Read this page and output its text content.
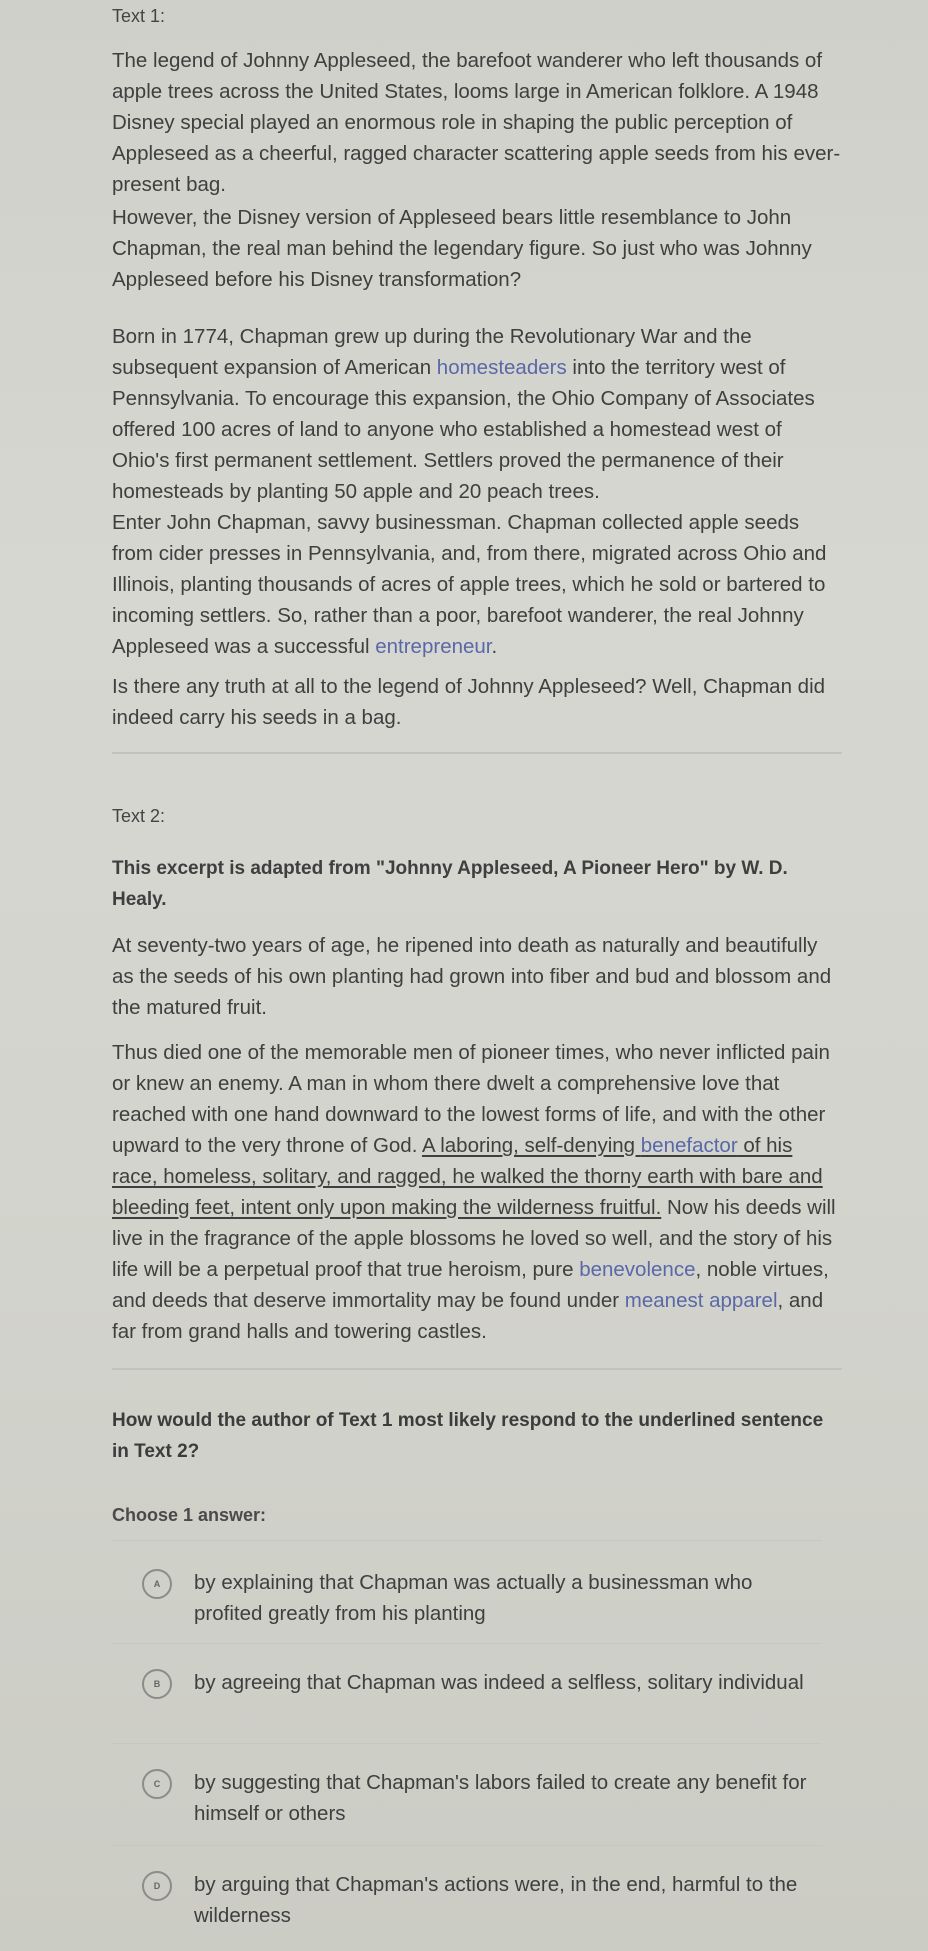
Text 1:

The legend of Johnny Appleseed, the barefoot wanderer who left thousands of apple trees across the United States, looms large in American folklore. A 1948 Disney special played an enormous role in shaping the public perception of Appleseed as a cheerful, ragged character scattering apple seeds from his ever-present bag.

However, the Disney version of Appleseed bears little resemblance to John Chapman, the real man behind the legendary figure. So just who was Johnny Appleseed before his Disney transformation?

Born in 1774, Chapman grew up during the Revolutionary War and the subsequent expansion of American homesteaders into the territory west of Pennsylvania. To encourage this expansion, the Ohio Company of Associates offered 100 acres of land to anyone who established a homestead west of Ohio's first permanent settlement. Settlers proved the permanence of their homesteads by planting 50 apple and 20 peach trees.

Enter John Chapman, savvy businessman. Chapman collected apple seeds from cider presses in Pennsylvania, and, from there, migrated across Ohio and Illinois, planting thousands of acres of apple trees, which he sold or bartered to incoming settlers. So, rather than a poor, barefoot wanderer, the real Johnny Appleseed was a successful entrepreneur.

Is there any truth at all to the legend of Johnny Appleseed? Well, Chapman did indeed carry his seeds in a bag.

Text 2:

This excerpt is adapted from "Johnny Appleseed, A Pioneer Hero" by W. D. Healy.

At seventy-two years of age, he ripened into death as naturally and beautifully as the seeds of his own planting had grown into fiber and bud and blossom and the matured fruit.

Thus died one of the memorable men of pioneer times, who never inflicted pain or knew an enemy. A man in whom there dwelt a comprehensive love that reached with one hand downward to the lowest forms of life, and with the other upward to the very throne of God. A laboring, self-denying benefactor of his race, homeless, solitary, and ragged, he walked the thorny earth with bare and bleeding feet, intent only upon making the wilderness fruitful. Now his deeds will live in the fragrance of the apple blossoms he loved so well, and the story of his life will be a perpetual proof that true heroism, pure benevolence, noble virtues, and deeds that deserve immortality may be found under meanest apparel, and far from grand halls and towering castles.

How would the author of Text 1 most likely respond to the underlined sentence in Text 2?
Choose 1 answer:
A	by explaining that Chapman was actually a businessman who profited greatly from his planting
B	by agreeing that Chapman was indeed a selfless, solitary individual
C	by suggesting that Chapman's labors failed to create any benefit for himself or others
D	by arguing that Chapman's actions were, in the end, harmful to the wilderness
